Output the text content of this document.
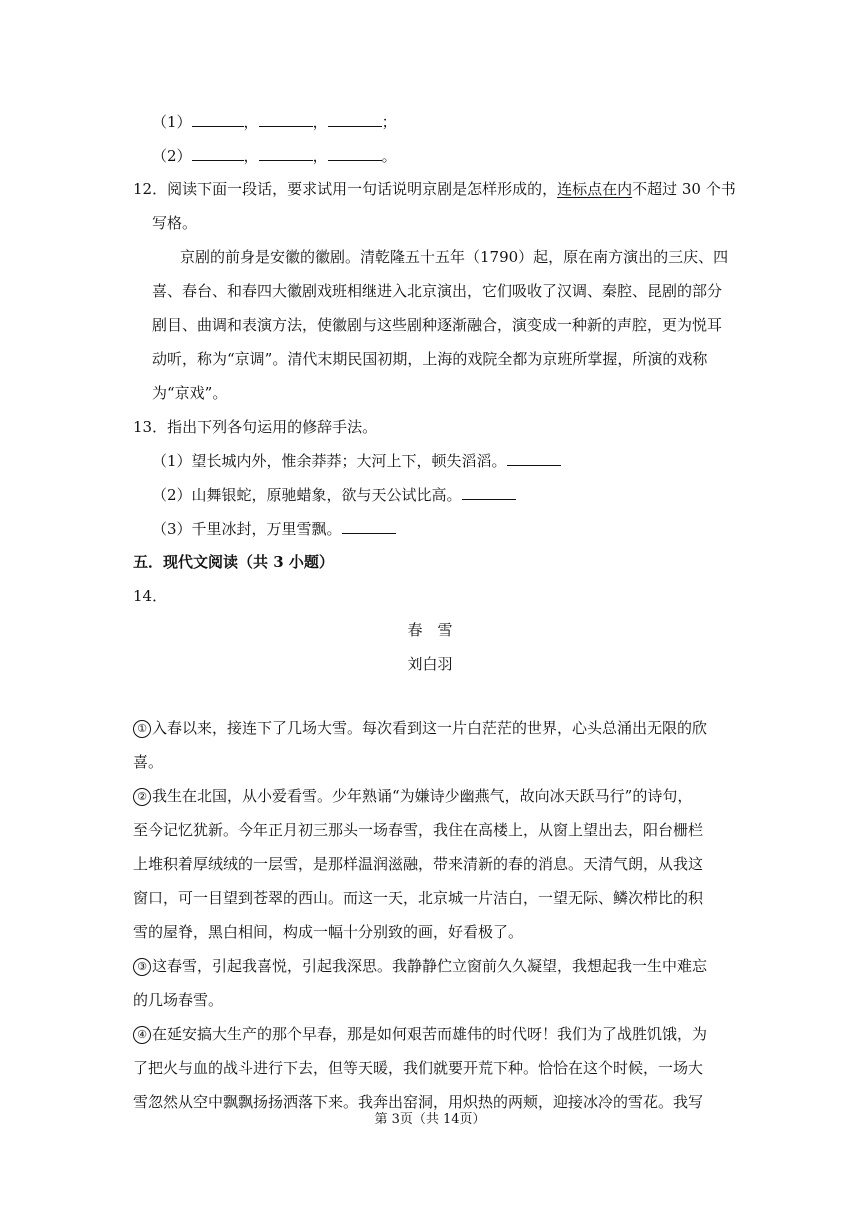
（1）	，	，	；
（2）	，	，	。
12．阅读下面一段话，要求试用一句话说明京剧是怎样形成的，连标点在内不超过 30 个书
写格。
京剧的前身是安徽的徽剧。清乾隆五十五年（1790）起，原在南方演出的三庆、四
喜、春台、和春四大徽剧戏班相继进入北京演出，它们吸收了汉调、秦腔、昆剧的部分
剧目、曲调和表演方法，使徽剧与这些剧种逐渐融合，演变成一种新的声腔，更为悦耳
动听，称为“京调”。清代末期民国初期，上海的戏院全都为京班所掌握，所演的戏称
为“京戏”。
13．指出下列各句运用的修辞手法。
（1）望长城内外，惟余莽莽；大河上下，顿失滔滔。
（2）山舞银蛇，原驰蜡象，欲与天公试比高。
（3）千里冰封，万里雪飘。
五．现代文阅读（共 3 小题）
14．
春　雪
刘白羽
① 入春以来，接连下了几场大雪。每次看到这一片白茫茫的世界，心头总涌出无限的欣
喜。
② 我生在北国，从小爱看雪。少年熟诵“为嫌诗少幽燕气，故向冰天跃马行”的诗句，
至今记忆犹新。今年正月初三那头一场春雪，我住在高楼上，从窗上望出去，阳台栅栏
上堆积着厚绒绒的一层雪，是那样温润滋融，带来清新的春的消息。天清气朗，从我这
窗口，可一目望到苍翠的西山。而这一天，北京城一片洁白，一望无际、鳞次栉比的积
雪的屋脊，黑白相间，构成一幅十分别致的画，好看极了。
③ 这春雪，引起我喜悦，引起我深思。我静静伫立窗前久久凝望，我想起我一生中难忘
的几场春雪。
④ 在延安搞大生产的那个早春，那是如何艰苦而雄伟的时代呀！我们为了战胜饥饿，为
了把火与血的战斗进行下去，但等天暖，我们就要开荒下种。恰恰在这个时候，一场大
雪忽然从空中飘飘扬扬洒落下来。我奔出窑洞，用炽热的两颊，迎接冰冷的雪花。我写
第 3页（共 14页）
